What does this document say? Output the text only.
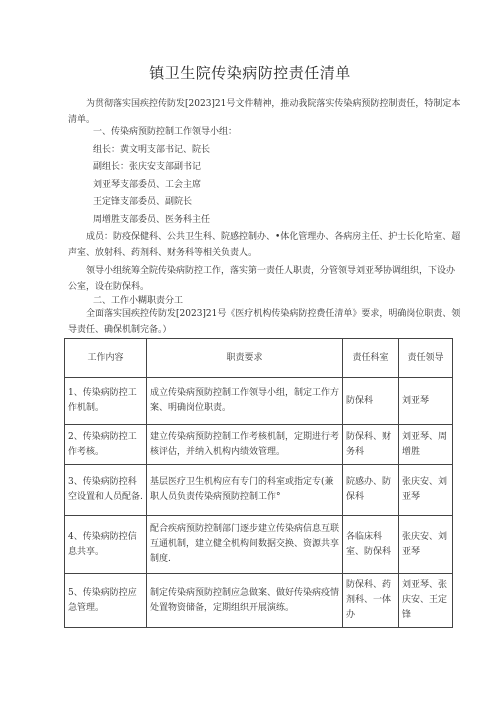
镇卫生院传染病防控责任清单
为贯彻落实国疾控传防发[2023]21号文件精神，推动我院落实传染病预防控制责任，特制定本清单。
一、传染病预防控制工作领导小组：
组长：黄文明支部书记、院长
副组长：张庆安支部副书记
刘亚琴支部委员、工会主席
王定锋支部委员、副院长
周增胜支部委员、医务科主任
成员：防疫保健科、公共卫生科、院感控制办、•体化管理办、各病房主任、护士长化哈室、超声室、放射科、药剂科、财务科等相关负责人。
领导小组统筹全院传染病防控工作，落实第一责任人职责，分管领导刘亚琴协调组织，下设办公室，设在防保科。
二、工作小糊职责分工
全面落实国疾控传防发[2023]21号《医疗机构传染病防控费任清单》要求，明确岗位职责、领导责任、确保机制完备。）
工作内容	职责要求	责任科室	责任领导
1、传染病防控工作机制。	成立传染病预防控制工作领导小组，制定工作方案、明确岗位职责。	防保科	刘亚琴
2、传染病防控工作考核。	建立传染病预防控制工作考核机制，定期进行考核评估，并纳入机构内绩效管理。	防保科、财务科	刘亚琴、周增胜
3、传染病防控科空设置和人员配备.	基层医疗卫生机构应有专门的科室或指定专(兼职人员负责传染病预防控制工作°	院感办、防保科	张庆安、刘亚琴
4、传染病防控信息共享。	配合疾病预防控制部门逐步建立传染病信息互联互通机制，建立健全机构间数据交换、资源共享制度.	各临床科室、防保科	张庆安、刘亚琴
5、传染病防控应急管理。	制定传染病预防控制应急做案、做好传染病疫情处置物资储备，定期组织开展演练。	防保科、药剂科、一体办	刘亚琴、张庆安、王定锋
